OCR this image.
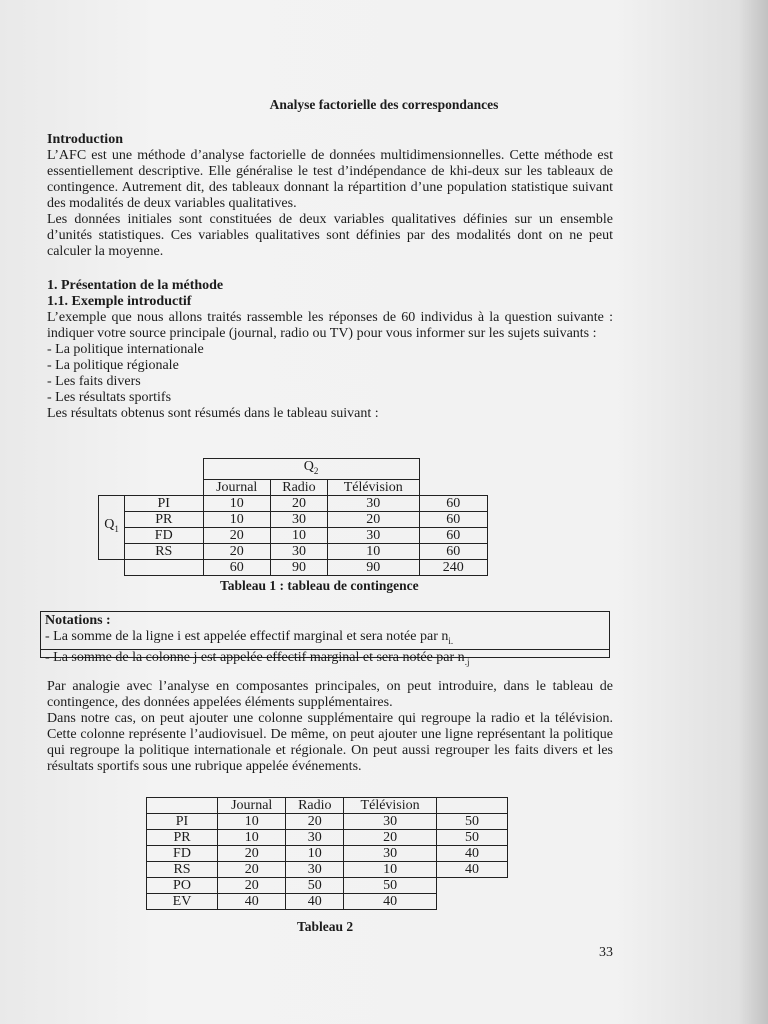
Analyse factorielle des correspondances
Introduction

L’AFC est une méthode d’analyse factorielle de données multidimensionnelles. Cette méthode est essentiellement descriptive. Elle généralise le test d’indépendance de khi-deux sur les tableaux de contingence. Autrement dit, des tableaux donnant la répartition d’une population statistique suivant des modalités de deux variables qualitatives.

Les données initiales sont constituées de deux variables qualitatives définies sur un ensemble d’unités statistiques. Ces variables qualitatives sont définies par des modalités dont on ne peut calculer la moyenne.

1. Présentation de la méthode
1.1. Exemple introductif

L’exemple que nous allons traités rassemble les réponses de 60 individus à la question suivante : indiquer votre source principale (journal, radio ou TV) pour vous informer sur les sujets suivants :

- La politique internationale
- La politique régionale
- Les faits divers
- Les résultats sportifs
Les résultats obtenus sont résumés dans le tableau suivant :
		$Q_2$	
		Journal	Radio	Télévision	
$Q_1$	PI	10	20	30	60
	PR	10	30	20	60
	FD	20	10	30	60
	RS	20	30	10	60
		60	90	90	240
Tableau 1 : tableau de contingence
Notations :
- La somme de la ligne i est appelée effectif marginal et sera notée par $n_{i.}$
- La somme de la colonne j est appelée effectif marginal et sera notée par $n_{.j}$

Par analogie avec l’analyse en composantes principales, on peut introduire, dans le tableau de contingence, des données appelées éléments supplémentaires.

Dans notre cas, on peut ajouter une colonne supplémentaire qui regroupe la radio et la télévision. Cette colonne représente l’audiovisuel. De même, on peut ajouter une ligne représentant la politique qui regroupe la politique internationale et régionale. On peut aussi regrouper les faits divers et les résultats sportifs sous une rubrique appelée événements.

	Journal	Radio	Télévision	
PI	10	20	30	50
PR	10	30	20	50
FD	20	10	30	40
RS	20	30	10	40
PO	20	50	50	
EV	40	40	40	
Tableau 2
33
